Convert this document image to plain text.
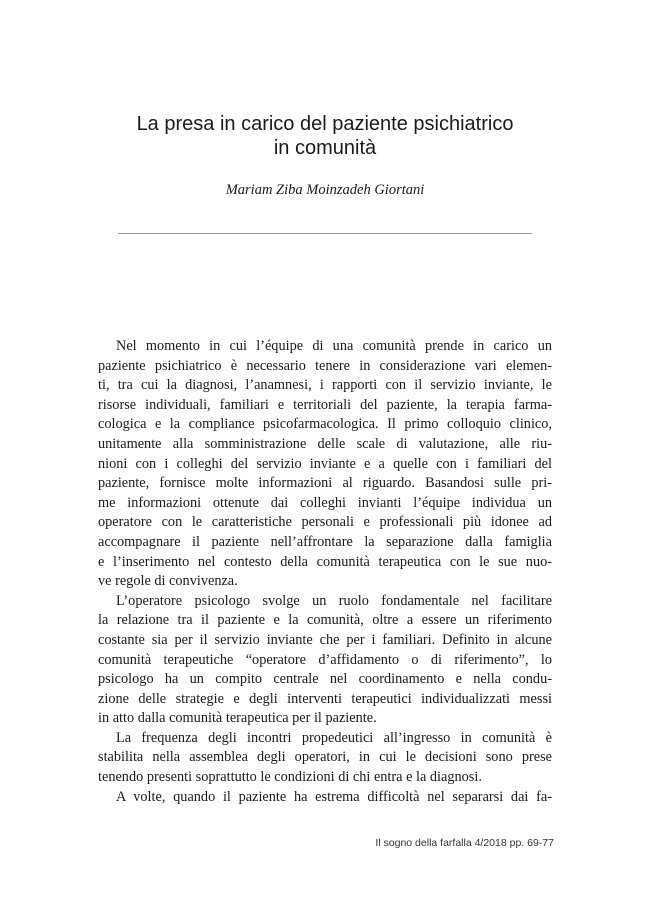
La presa in carico del paziente psichiatrico
in comunità
Mariam Ziba Moinzadeh Giortani
Nel momento in cui l’équipe di una comunità prende in carico un
paziente psichiatrico è necessario tenere in considerazione vari elemen-
ti, tra cui la diagnosi, l’anamnesi, i rapporti con il servizio inviante, le
risorse individuali, familiari e territoriali del paziente, la terapia farma-
cologica e la compliance psicofarmacologica. Il primo colloquio clinico,
unitamente alla somministrazione delle scale di valutazione, alle riu-
nioni con i colleghi del servizio inviante e a quelle con i familiari del
paziente, fornisce molte informazioni al riguardo. Basandosi sulle pri-
me informazioni ottenute dai colleghi invianti l’équipe individua un
operatore con le caratteristiche personali e professionali più idonee ad
accompagnare il paziente nell’affrontare la separazione dalla famiglia
e l’inserimento nel contesto della comunità terapeutica con le sue nuo-
ve regole di convivenza.
L’operatore psicologo svolge un ruolo fondamentale nel facilitare
la relazione tra il paziente e la comunità, oltre a essere un riferimento
costante sia per il servizio inviante che per i familiari. Definito in alcune
comunità terapeutiche “operatore d’affidamento o di riferimento”, lo
psicologo ha un compito centrale nel coordinamento e nella condu-
zione delle strategie e degli interventi terapeutici individualizzati messi
in atto dalla comunità terapeutica per il paziente.
La frequenza degli incontri propedeutici all’ingresso in comunità è
stabilita nella assemblea degli operatori, in cui le decisioni sono prese
tenendo presenti soprattutto le condizioni di chi entra e la diagnosi.
A volte, quando il paziente ha estrema difficoltà nel separarsi dai fa-
Il sogno della farfalla 4/2018 pp. 69-77
